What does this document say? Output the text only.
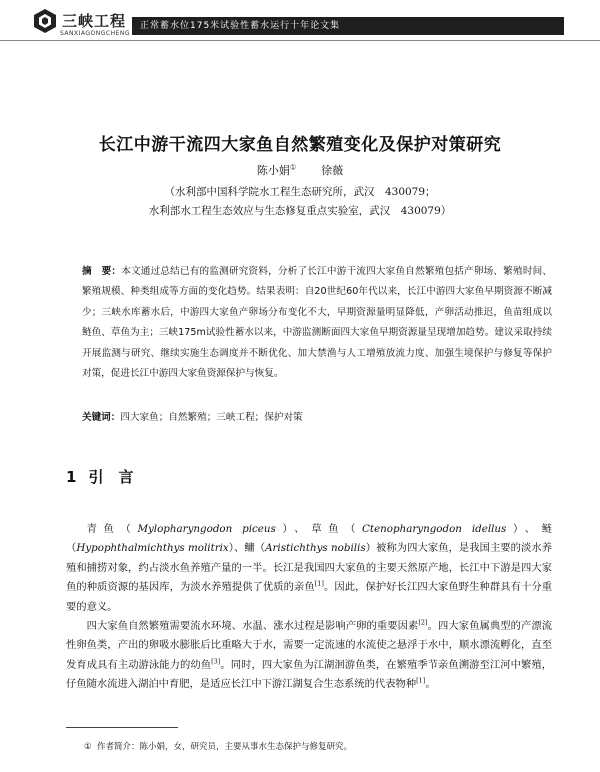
三峡工程
SANXIAGONGCHENG
正常蓄水位175米试验性蓄水运行十年论文集
长江中游干流四大家鱼自然繁殖变化及保护对策研究
陈小娟① 徐薇
（水利部中国科学院水工程生态研究所，武汉　430079；
水利部水工程生态效应与生态修复重点实验室，武汉　430079）
摘　要：本文通过总结已有的监测研究资料，分析了长江中游干流四大家鱼自然繁殖包括产卵场、繁殖时间、繁殖规模、种类组成等方面的变化趋势。结果表明：自20世纪60年代以来，长江中游四大家鱼早期资源不断减少；三峡水库蓄水后，中游四大家鱼产卵场分布变化不大，早期资源量明显降低，产卵活动推迟，鱼苗组成以鲢鱼、草鱼为主；三峡175m试验性蓄水以来，中游监测断面四大家鱼早期资源量呈现增加趋势。建议采取持续开展监测与研究、继续实施生态调度并不断优化、加大禁渔与人工增殖放流力度、加强生境保护与修复等保护对策，促进长江中游四大家鱼资源保护与恢复。
关键词：四大家鱼；自然繁殖；三峡工程；保护对策
1 引　言

青鱼（Mylopharyngodon piceus）、草鱼（Ctenopharyngodon idellus）、鲢（Hypophthalmichthys molitrix）、鳙（Aristichthys nobilis）被称为四大家鱼，是我国主要的淡水养殖和捕捞对象，约占淡水鱼养殖产量的一半。长江是我国四大家鱼的主要天然原产地，长江中下游是四大家鱼的种质资源的基因库，为淡水养殖提供了优质的亲鱼[1]。因此，保护好长江四大家鱼野生种群具有十分重要的意义。

四大家鱼自然繁殖需要流水环境、水温、涨水过程是影响产卵的重要因素[2]。四大家鱼属典型的产漂流性卵鱼类，产出的卵吸水膨胀后比重略大于水，需要一定流速的水流使之悬浮于水中，顺水漂流孵化，直至发育成具有主动游泳能力的幼鱼[3]。同时，四大家鱼为江湖洄游鱼类，在繁殖季节亲鱼溯游至江河中繁殖，仔鱼随水流进入湖泊中育肥，是适应长江中下游江湖复合生态系统的代表物种[1]。

① 作者简介：陈小娟，女，研究员，主要从事水生态保护与修复研究。
